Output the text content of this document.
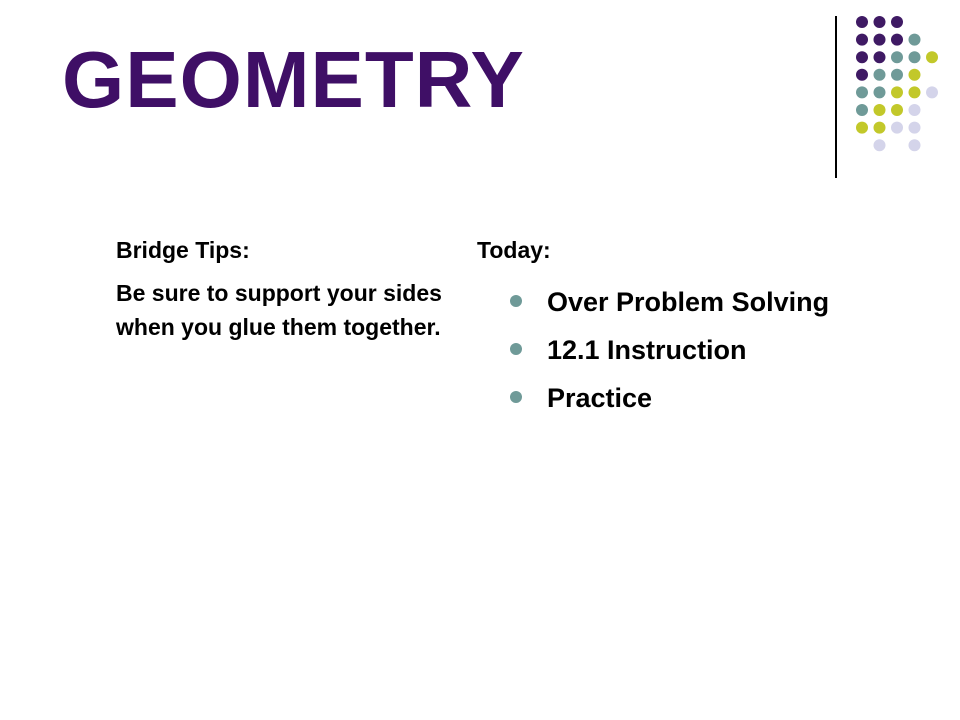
GEOMETRY
Bridge Tips:
Be sure to support your sides when you glue them together.
Today:
Over Problem Solving
12.1 Instruction
Practice
